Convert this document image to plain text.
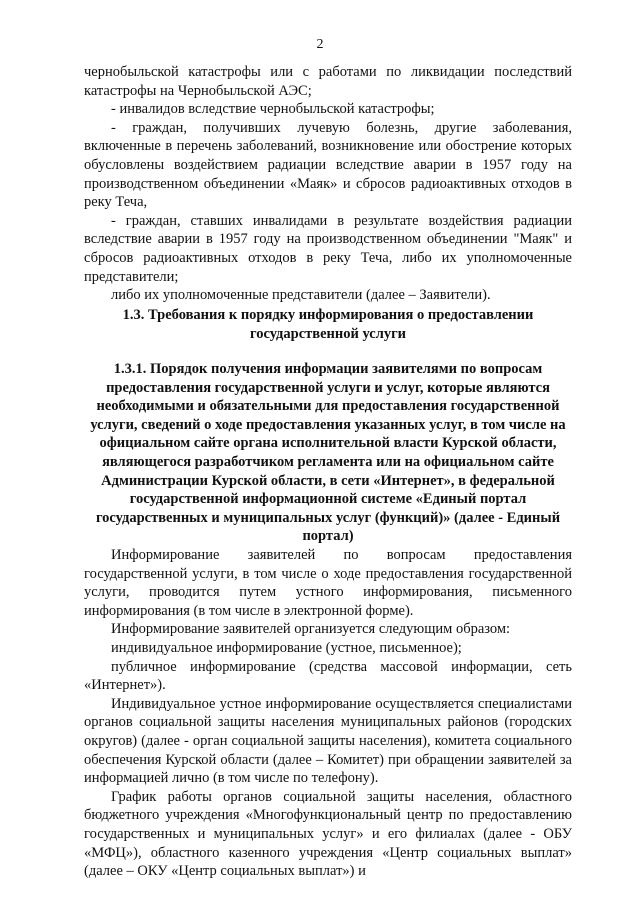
2

чернобыльской катастрофы или с работами по ликвидации последствий катастрофы на Чернобыльской АЭС;

- инвалидов вследствие чернобыльской катастрофы;

- граждан, получивших лучевую болезнь, другие заболевания, включенные в перечень заболеваний, возникновение или обострение которых обусловлены воздействием радиации вследствие аварии в 1957 году на производственном объединении «Маяк» и сбросов радиоактивных отходов в реку Теча,

- граждан, ставших инвалидами в результате воздействия радиации вследствие аварии в 1957 году на производственном объединении "Маяк" и сбросов радиоактивных отходов в реку Теча, либо их уполномоченные представители;

либо их уполномоченные представители (далее – Заявители).

1.3. Требования к порядку информирования о предоставлении государственной услуги

1.3.1. Порядок получения информации заявителями по вопросам предоставления государственной услуги и услуг, которые являются необходимыми и обязательными для предоставления государственной услуги, сведений о ходе предоставления указанных услуг, в том числе на официальном сайте органа исполнительной власти Курской области, являющегося разработчиком регламента или на официальном сайте Администрации Курской области, в сети «Интернет», в федеральной государственной информационной системе «Единый портал государственных и муниципальных услуг (функций)» (далее - Единый портал)

Информирование заявителей по вопросам предоставления государственной услуги, в том числе о ходе предоставления государственной услуги, проводится путем устного информирования, письменного информирования (в том числе в электронной форме).

Информирование заявителей организуется следующим образом:

индивидуальное информирование (устное, письменное);

публичное информирование (средства массовой информации, сеть «Интернет»).

Индивидуальное устное информирование осуществляется специалистами органов социальной защиты населения муниципальных районов (городских округов) (далее - орган социальной защиты населения), комитета социального обеспечения Курской области (далее – Комитет) при обращении заявителей за информацией лично (в том числе по телефону).

График работы органов социальной защиты населения, областного бюджетного учреждения «Многофункциональный центр по предоставлению государственных и муниципальных услуг» и его филиалах (далее - ОБУ «МФЦ»), областного казенного учреждения «Центр социальных выплат» (далее – ОКУ «Центр социальных выплат») и
